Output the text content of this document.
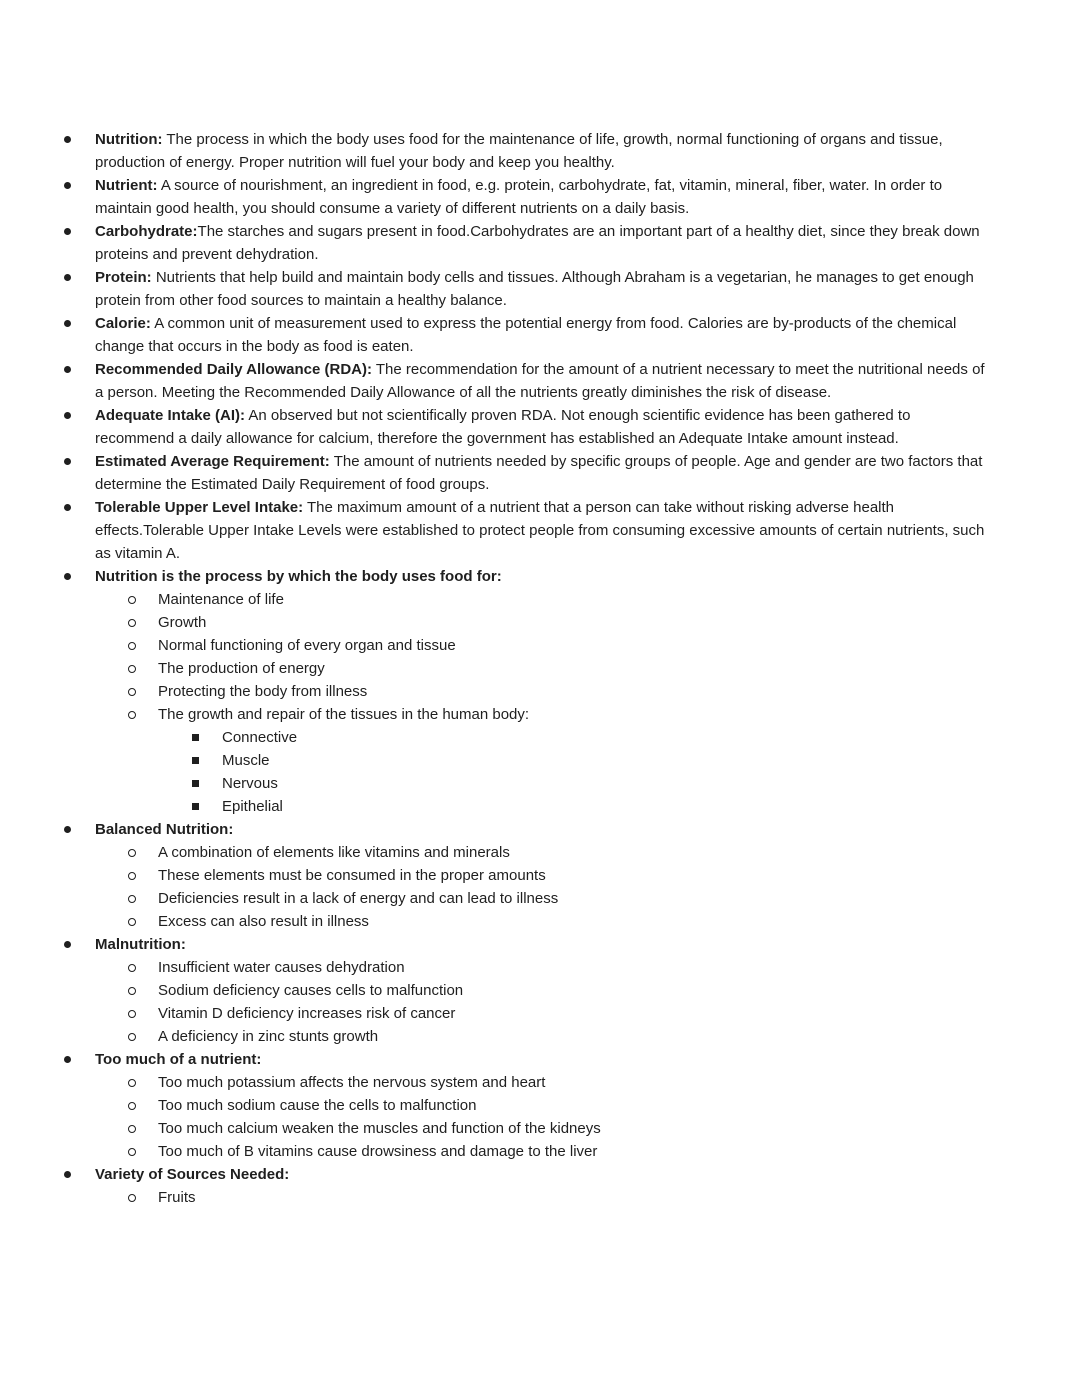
Nutrition: The process in which the body uses food for the maintenance of life, growth, normal functioning of organs and tissue, production of energy. Proper nutrition will fuel your body and keep you healthy.
Nutrient: A source of nourishment, an ingredient in food, e.g. protein, carbohydrate, fat, vitamin, mineral, fiber, water. In order to maintain good health, you should consume a variety of different nutrients on a daily basis.
Carbohydrate:The starches and sugars present in food.Carbohydrates are an important part of a healthy diet, since they break down proteins and prevent dehydration.
Protein: Nutrients that help build and maintain body cells and tissues. Although Abraham is a vegetarian, he manages to get enough protein from other food sources to maintain a healthy balance.
Calorie: A common unit of measurement used to express the potential energy from food. Calories are by-products of the chemical change that occurs in the body as food is eaten.
Recommended Daily Allowance (RDA): The recommendation for the amount of a nutrient necessary to meet the nutritional needs of a person. Meeting the Recommended Daily Allowance of all the nutrients greatly diminishes the risk of disease.
Adequate Intake (AI): An observed but not scientifically proven RDA. Not enough scientific evidence has been gathered to recommend a daily allowance for calcium, therefore the government has established an Adequate Intake amount instead.
Estimated Average Requirement: The amount of nutrients needed by specific groups of people. Age and gender are two factors that determine the Estimated Daily Requirement of food groups.
Tolerable Upper Level Intake: The maximum amount of a nutrient that a person can take without risking adverse health effects.Tolerable Upper Intake Levels were established to protect people from consuming excessive amounts of certain nutrients, such as vitamin A.
Nutrition is the process by which the body uses food for:
Maintenance of life
Growth
Normal functioning of every organ and tissue
The production of energy
Protecting the body from illness
The growth and repair of the tissues in the human body:
Connective
Muscle
Nervous
Epithelial
Balanced Nutrition:
A combination of elements like vitamins and minerals
These elements must be consumed in the proper amounts
Deficiencies result in a lack of energy and can lead to illness
Excess can also result in illness
Malnutrition:
Insufficient water causes dehydration
Sodium deficiency causes cells to malfunction
Vitamin D deficiency increases risk of cancer
A deficiency in zinc stunts growth
Too much of a nutrient:
Too much potassium affects the nervous system and heart
Too much sodium cause the cells to malfunction
Too much calcium weaken the muscles and function of the kidneys
Too much of B vitamins cause drowsiness and damage to the liver
Variety of Sources Needed:
Fruits
